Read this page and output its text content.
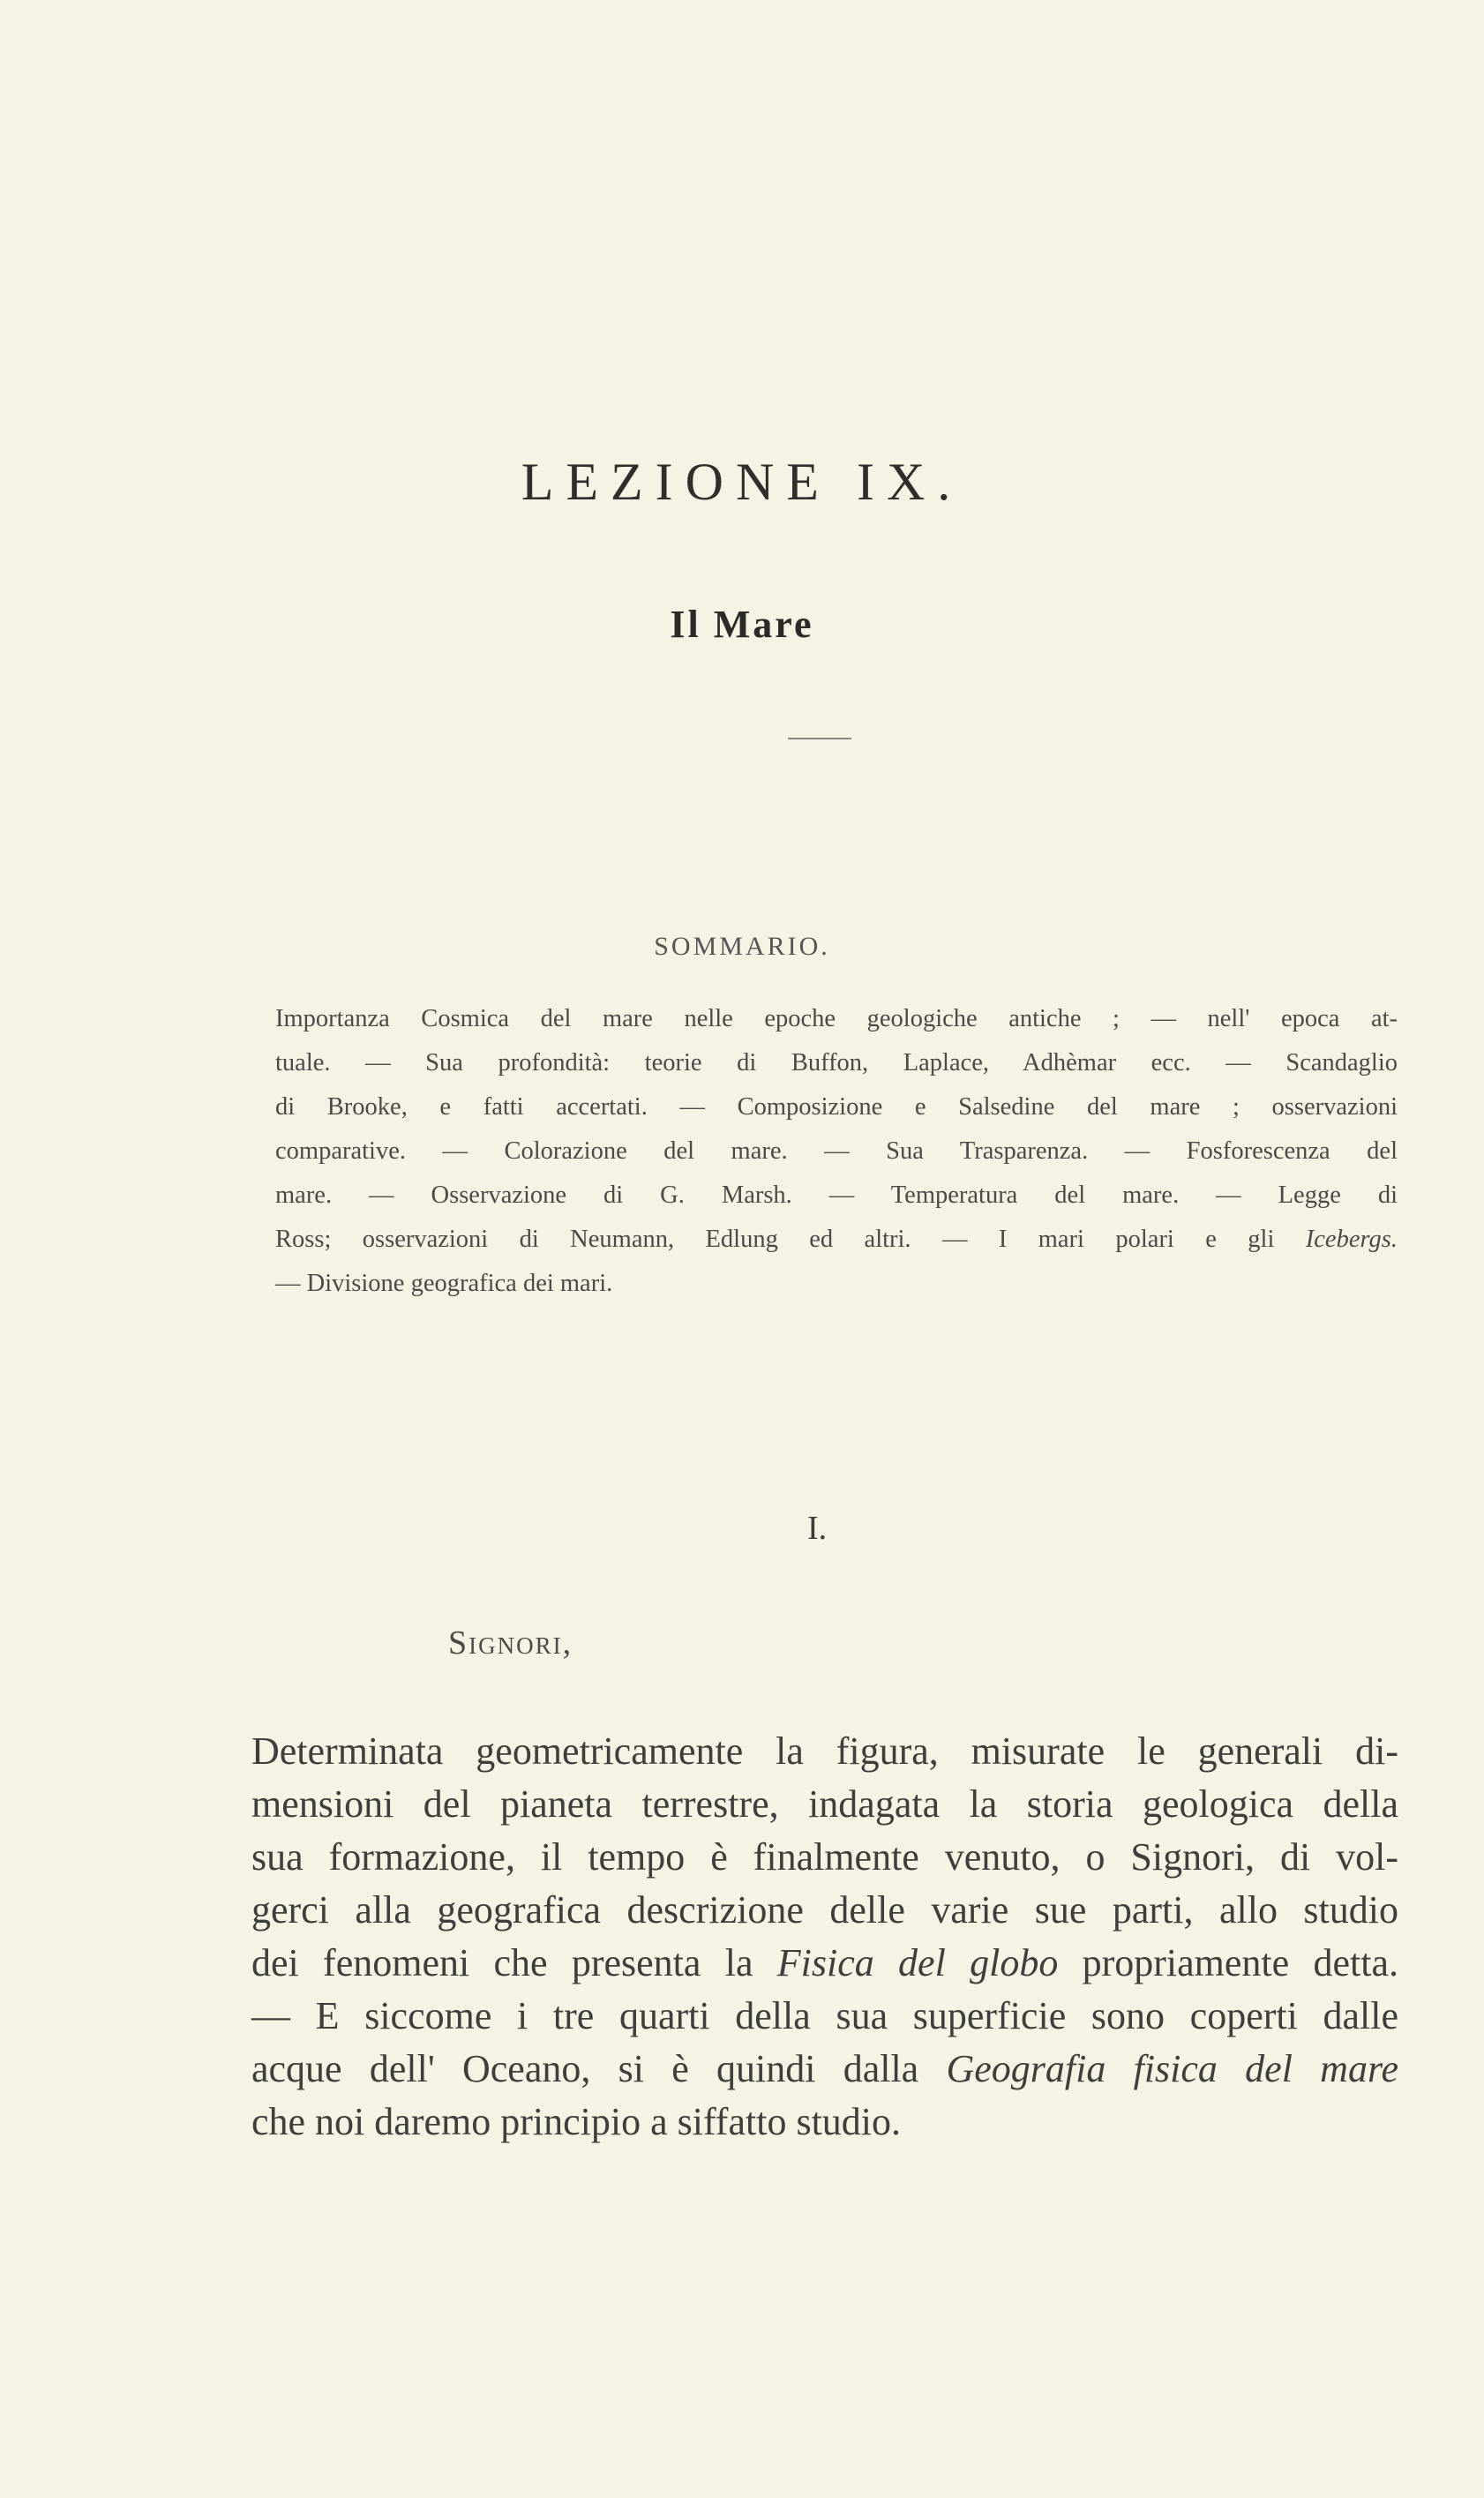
LEZIONE IX.
Il Mare
SOMMARIO.
Importanza Cosmica del mare nelle epoche geologiche antiche ; — nell' epoca at-
tuale. — Sua profondità: teorie di Buffon, Laplace, Adhèmar ecc. — Scandaglio
di Brooke, e fatti accertati. — Composizione e Salsedine del mare ; osservazioni
comparative. — Colorazione del mare. — Sua Trasparenza. — Fosforescenza del
mare. — Osservazione di G. Marsh. — Temperatura del mare. — Legge di
Ross; osservazioni di Neumann, Edlung ed altri. — I mari polari e gli Icebergs.
— Divisione geografica dei mari.
I.
Signori,
Determinata geometricamente la figura, misurate le generali di-
mensioni del pianeta terrestre, indagata la storia geologica della
sua formazione, il tempo è finalmente venuto, o Signori, di vol-
gerci alla geografica descrizione delle varie sue parti, allo studio
dei fenomeni che presenta la Fisica del globo propriamente detta.
— E siccome i tre quarti della sua superficie sono coperti dalle
acque dell' Oceano, si è quindi dalla Geografia fisica del mare
che noi daremo principio a siffatto studio.
